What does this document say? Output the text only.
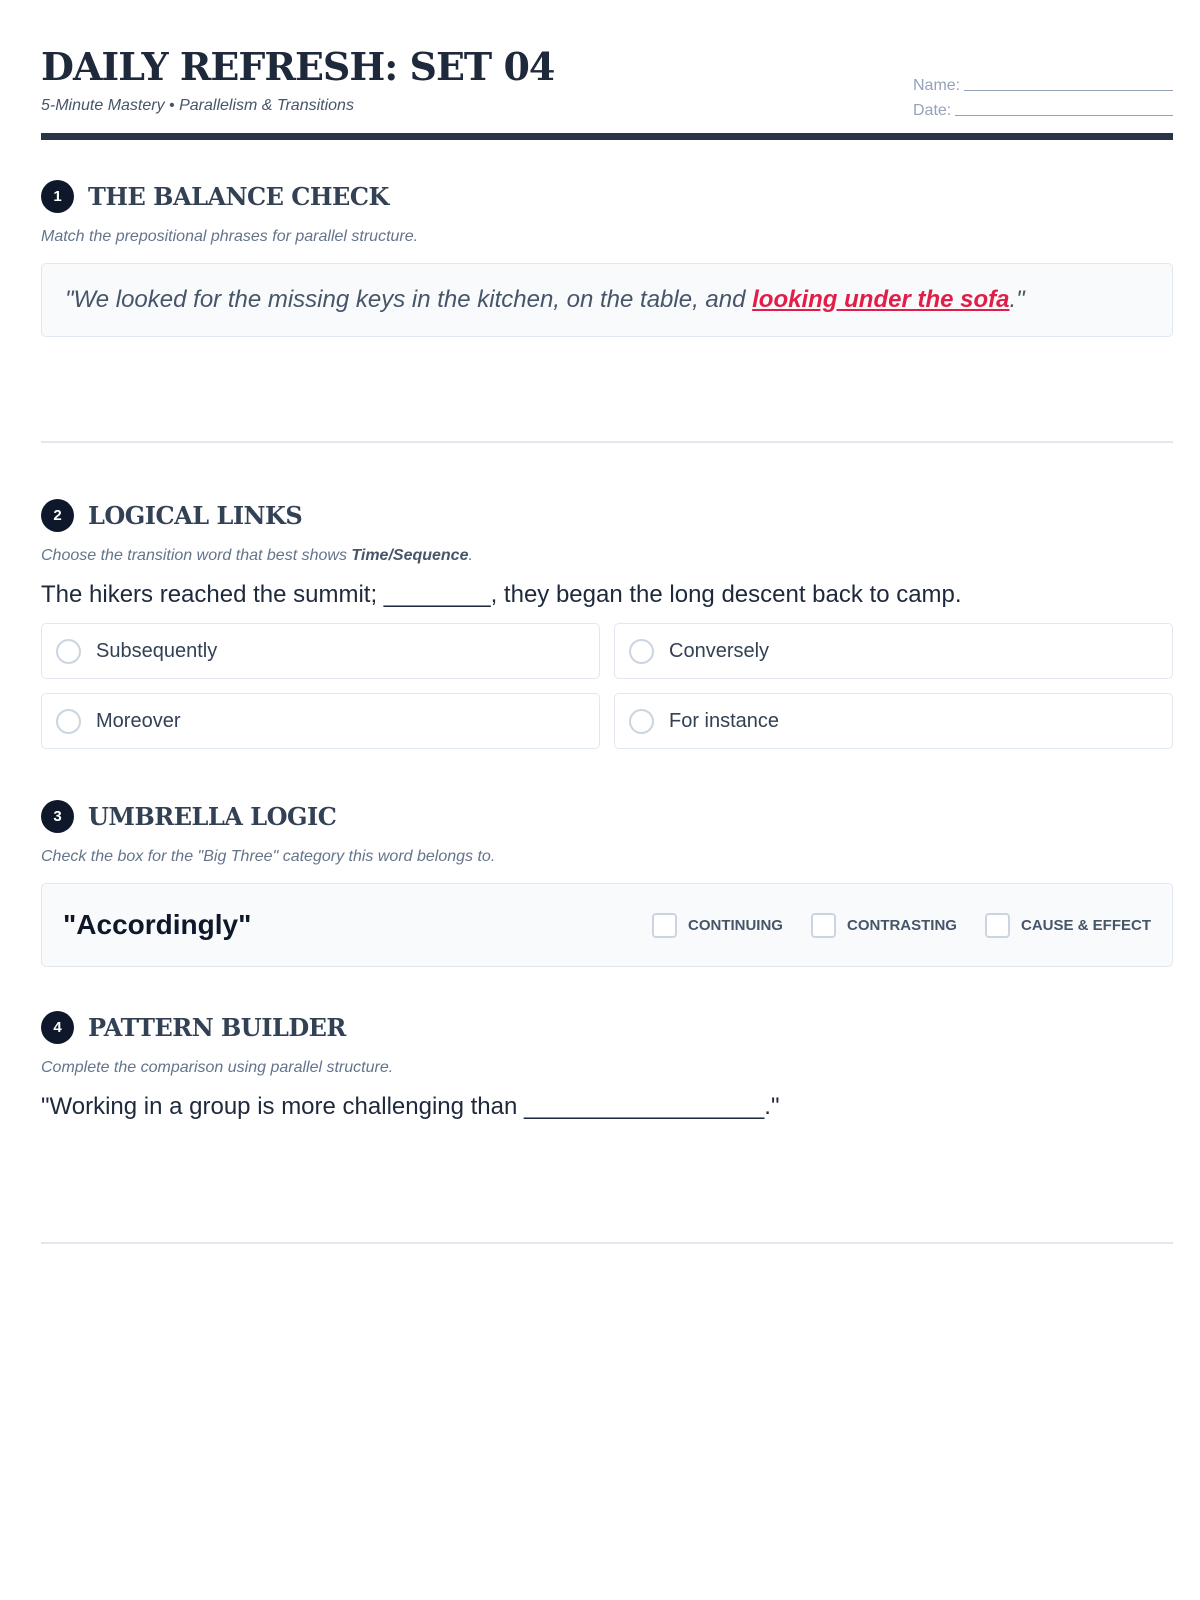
DAILY REFRESH: SET 04
5-Minute Mastery • Parallelism & Transitions
Name:
Date:
1	THE BALANCE CHECK
Match the prepositional phrases for parallel structure.
"We looked for the missing keys in the kitchen, on the table, and looking under the sofa ."
2	LOGICAL LINKS
Choose the transition word that best shows Time/Sequence.
The hikers reached the summit; ________, they began the long descent back to camp.
Subsequently	Conversely
Moreover	For instance
3	UMBRELLA LOGIC
Check the box for the "Big Three" category this word belongs to.
"Accordingly"	CONTINUING	CONTRASTING	CAUSE & EFFECT
4	PATTERN BUILDER
Complete the comparison using parallel structure.
"Working in a group is more challenging than __________________."
